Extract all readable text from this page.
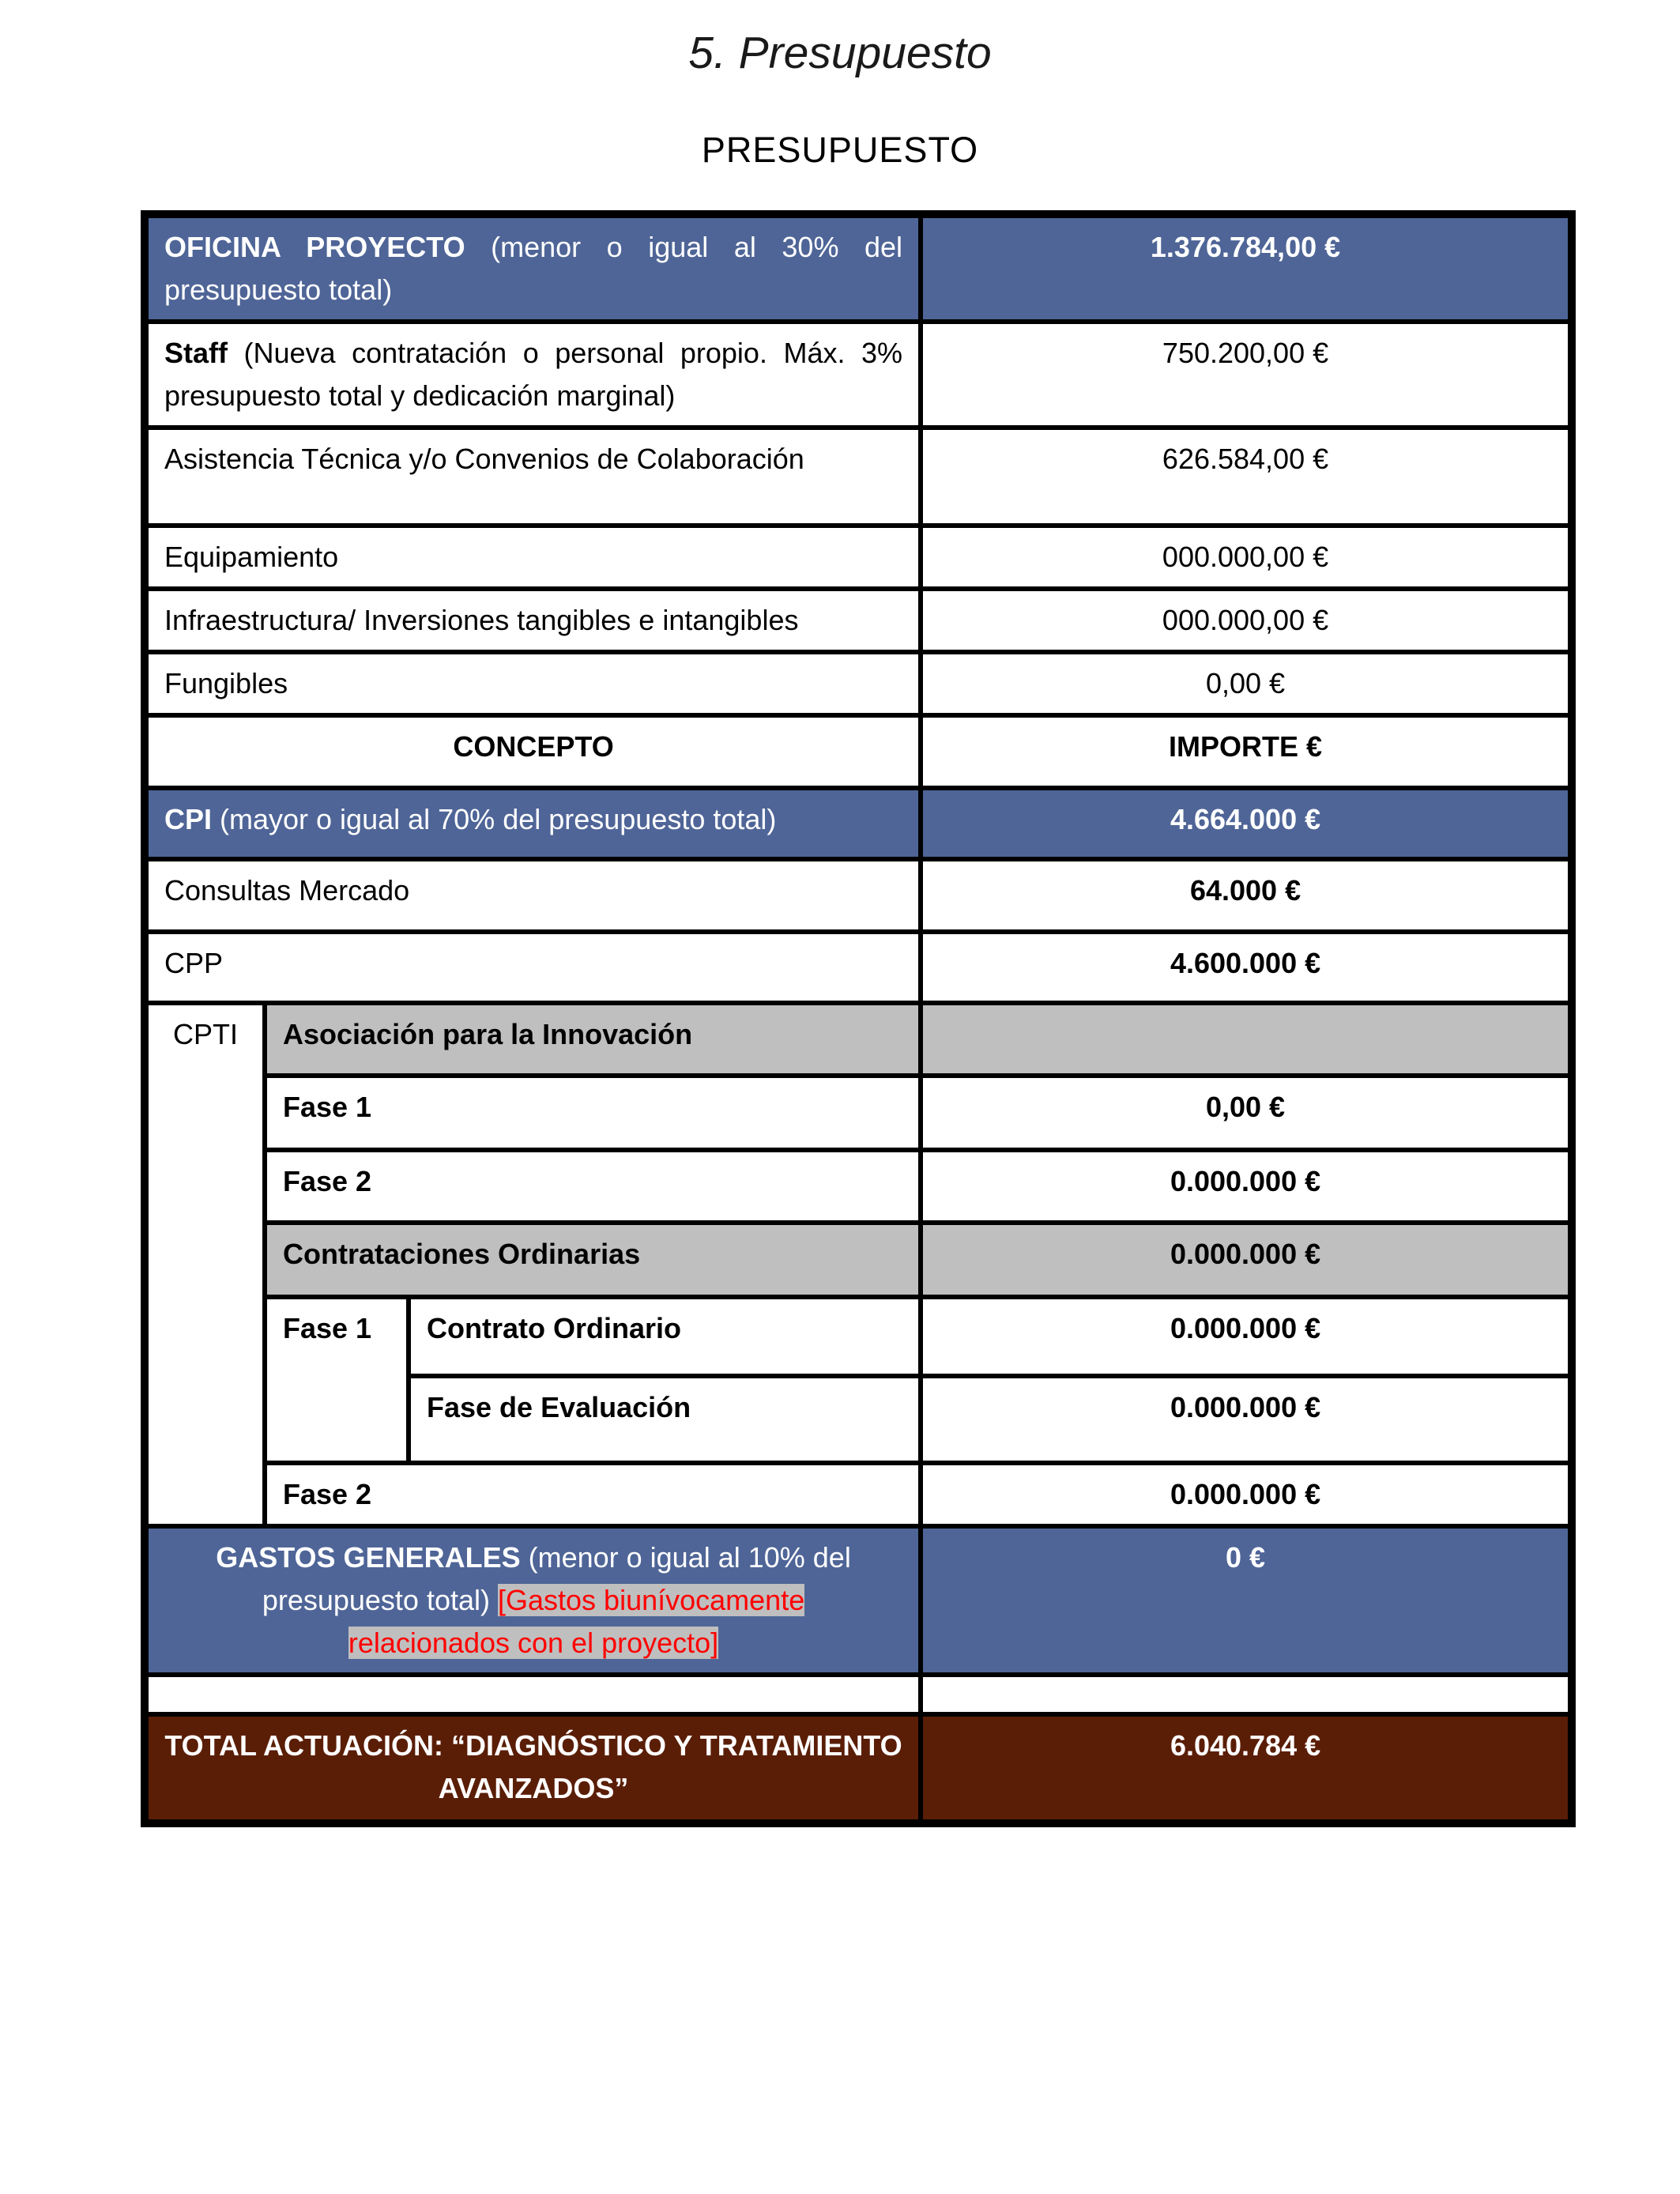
5. Presupuesto
PRESUPUESTO
OFICINA PROYECTO (menor o igual al 30% del
presupuesto total)			1.376.784,00 €

Staff (Nueva contratación o personal propio. Máx. 3%
presupuesto total y dedicación marginal)			750.200,00 €
Asistencia Técnica y/o Convenios de Colaboración			626.584,00 €
Equipamiento			000.000,00 €
Infraestructura/ Inversiones tangibles e intangibles			000.000,00 €
Fungibles			0,00 €
CONCEPTO			IMPORTE €
CPI (mayor o igual al 70% del presupuesto total)			4.664.000 €
Consultas Mercado			64.000 €
CPP			4.600.000 €
CPTI	Asociación para la Innovación		
	Fase 1		0,00 €
	Fase 2		0.000.000 €
	Contrataciones Ordinarias		0.000.000 €
	Fase 1	Contrato Ordinario	0.000.000 €
		Fase de Evaluación	0.000.000 €
	Fase 2		0.000.000 €

GASTOS GENERALES (menor o igual al 10% del
presupuesto total) [Gastos biunívocamente
relacionados con el proyecto]			0 €

TOTAL ACTUACIÓN: “DIAGNÓSTICO Y TRATAMIENTO AVANZADOS”			6.040.784 €
